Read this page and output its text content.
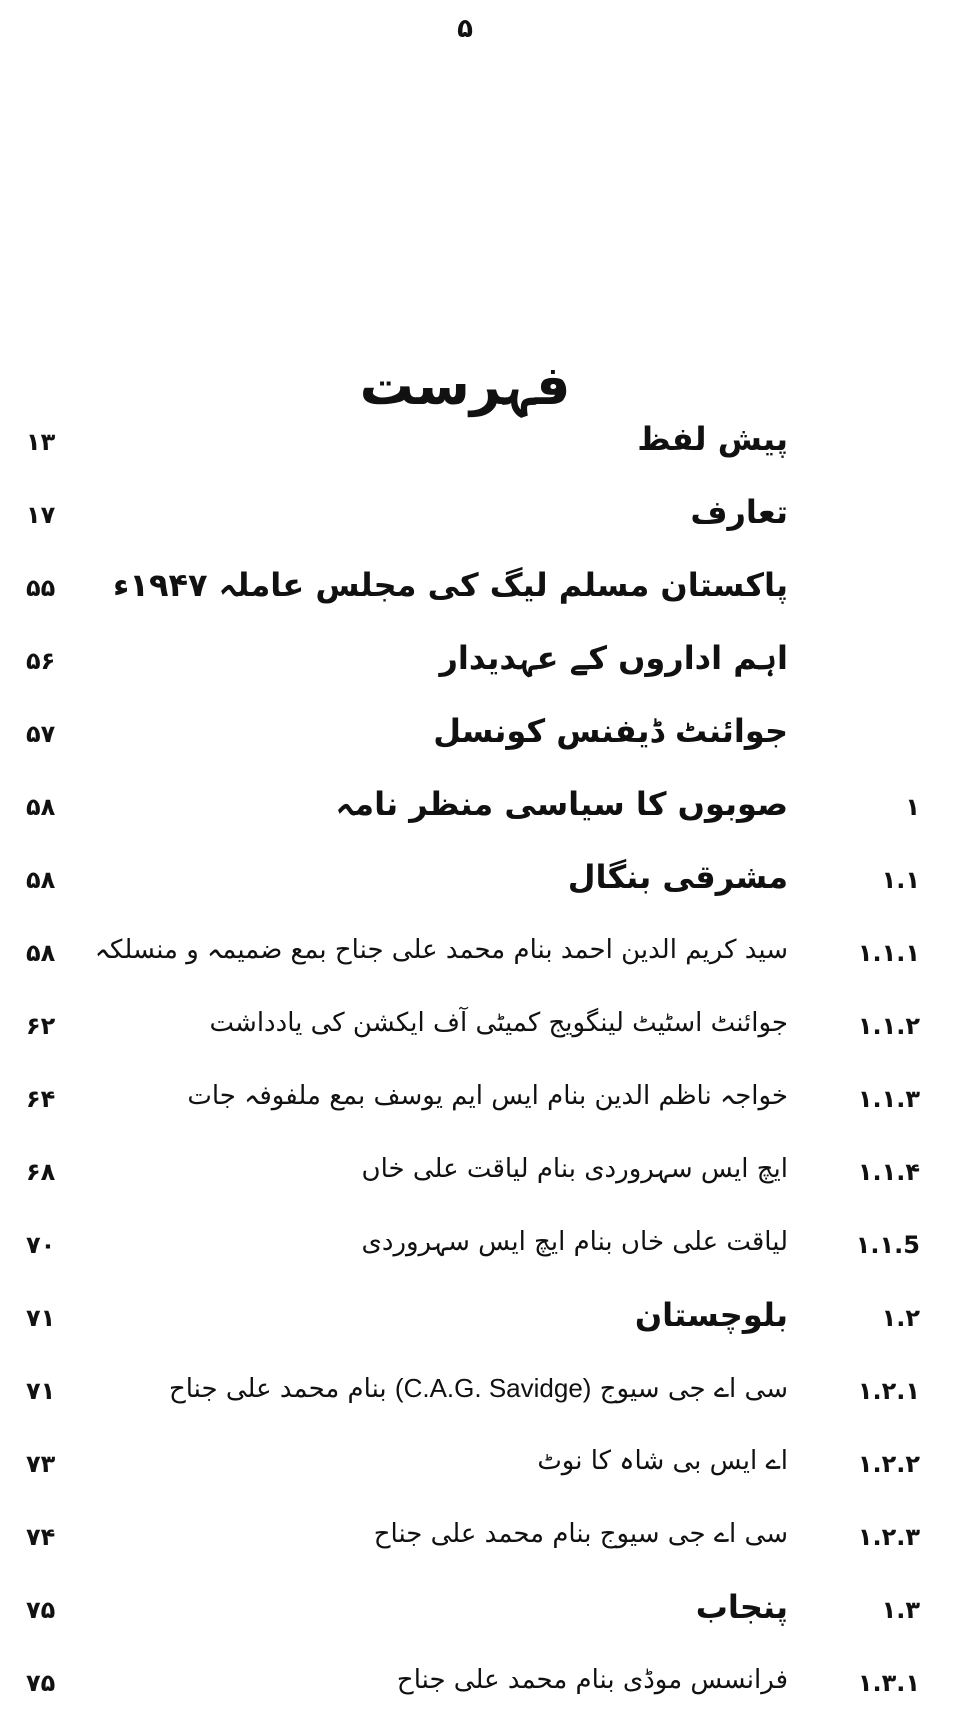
۵
فہرست
پیش لفظ
۱۳
تعارف
۱۷
پاکستان مسلم لیگ کی مجلس عاملہ ۱۹۴۷ء
۵۵
اہم اداروں کے عہدیدار
۵۶
جوائنٹ ڈیفنس کونسل
۵۷
۱
صوبوں کا سیاسی منظر نامہ
۵۸
۱.۱
مشرقی بنگال
۵۸
۱.۱.۱
سید کریم الدین احمد بنام محمد علی جناح بمع ضمیمہ و منسلکہ
۵۸
۱.۱.۲
جوائنٹ اسٹیٹ لینگویج کمیٹی آف ایکشن کی یادداشت
۶۲
۱.۱.۳
خواجہ ناظم الدین بنام ایس ایم یوسف بمع ملفوفہ جات
۶۴
۱.۱.۴
ایچ ایس سہروردی بنام لیاقت علی خاں
۶۸
۱.۱.5
لیاقت علی خاں بنام ایچ ایس سہروردی
۷۰
۱.۲
بلوچستان
۷۱
۱.۲.۱
سی اے جی سیوج (C.A.G. Savidge) بنام محمد علی جناح
۷۱
۱.۲.۲
اے ایس بی شاہ کا نوٹ
۷۳
۱.۲.۳
سی اے جی سیوج بنام محمد علی جناح
۷۴
۱.۳
پنجاب
۷۵
۱.۳.۱
فرانسس موڈی بنام محمد علی جناح
۷۵
